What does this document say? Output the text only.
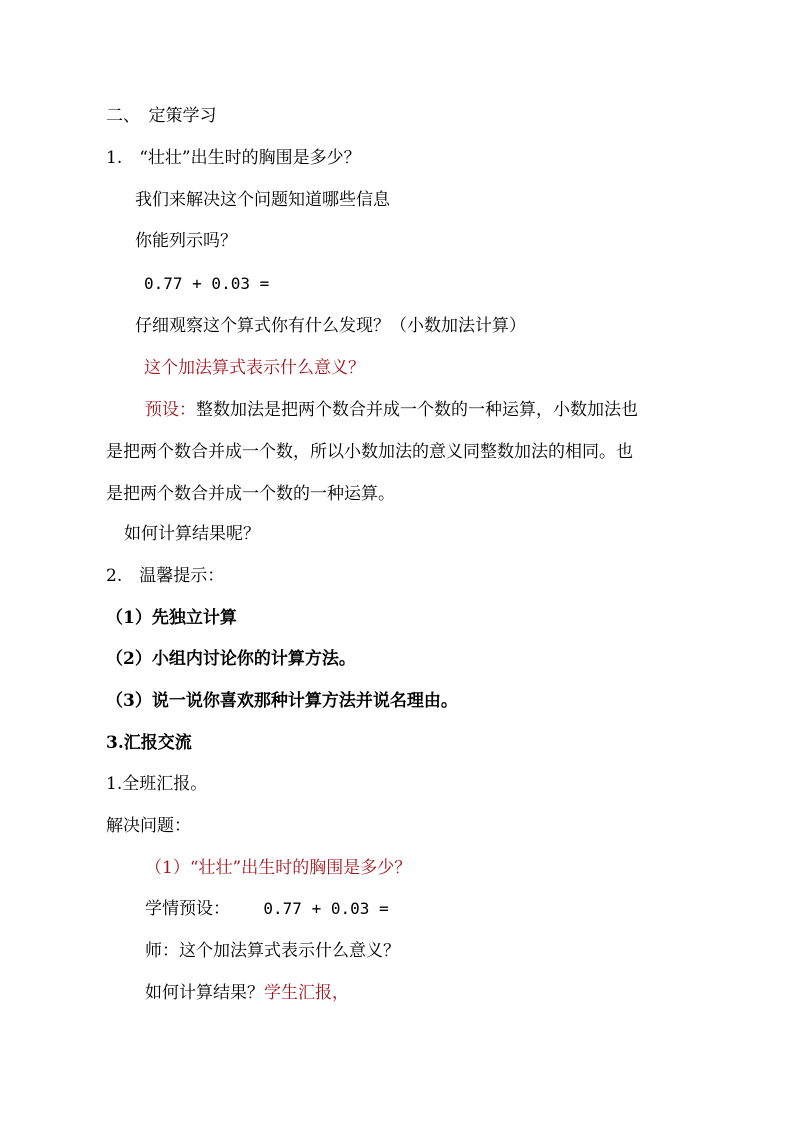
二、　定策学习
1.　“壮壮”出生时的胸围是多少？
我们来解决这个问题知道哪些信息
你能列示吗？
0.77 + 0.03 =
仔细观察这个算式你有什么发现？（小数加法计算）
这个加法算式表示什么意义？
预设：整数加法是把两个数合并成一个数的一种运算，小数加法也
是把两个数合并成一个数，所以小数加法的意义同整数加法的相同。也
是把两个数合并成一个数的一种运算。
如何计算结果呢？
2.　温馨提示：
（1）先独立计算
（2）小组内讨论你的计算方法。
（3）说一说你喜欢那种计算方法并说名理由。
3.汇报交流
1.全班汇报。
解决问题：
（1）“壮壮”出生时的胸围是多少？
学情预设： 0.77 + 0.03 =
师：这个加法算式表示什么意义？
如何计算结果？学生汇报，
